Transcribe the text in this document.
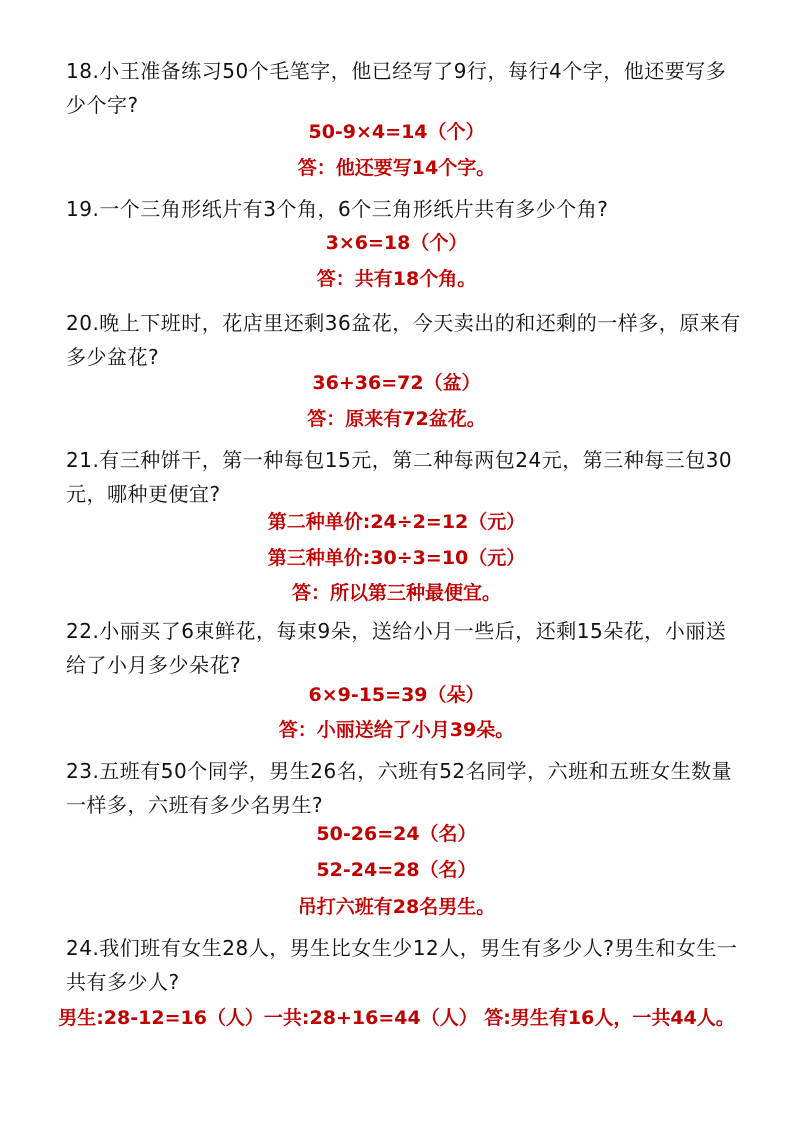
18.小王准备练习50个毛笔字，他已经写了9行，每行4个字，他还要写多少个字?
50-9×4=14（个）
答：他还要写14个字。
19.一个三角形纸片有3个角，6个三角形纸片共有多少个角?
3×6=18（个）
答：共有18个角。
20.晚上下班时，花店里还剩36盆花，今天卖出的和还剩的一样多，原来有多少盆花?
36+36=72（盆）
答：原来有72盆花。
21.有三种饼干，第一种每包15元，第二种每两包24元，第三种每三包30元，哪种更便宜?
第二种单价:24÷2=12（元）
第三种单价:30÷3=10（元）
答：所以第三种最便宜。
22.小丽买了6束鲜花，每束9朵，送给小月一些后，还剩15朵花，小丽送给了小月多少朵花?
6×9-15=39（朵）
答：小丽送给了小月39朵。
23.五班有50个同学，男生26名，六班有52名同学，六班和五班女生数量一样多，六班有多少名男生?
50-26=24（名）
52-24=28（名）
吊打六班有28名男生。
24.我们班有女生28人，男生比女生少12人，男生有多少人?男生和女生一共有多少人?
男生:28-12=16（人）一共:28+16=44（人） 答:男生有16人，一共44人。
